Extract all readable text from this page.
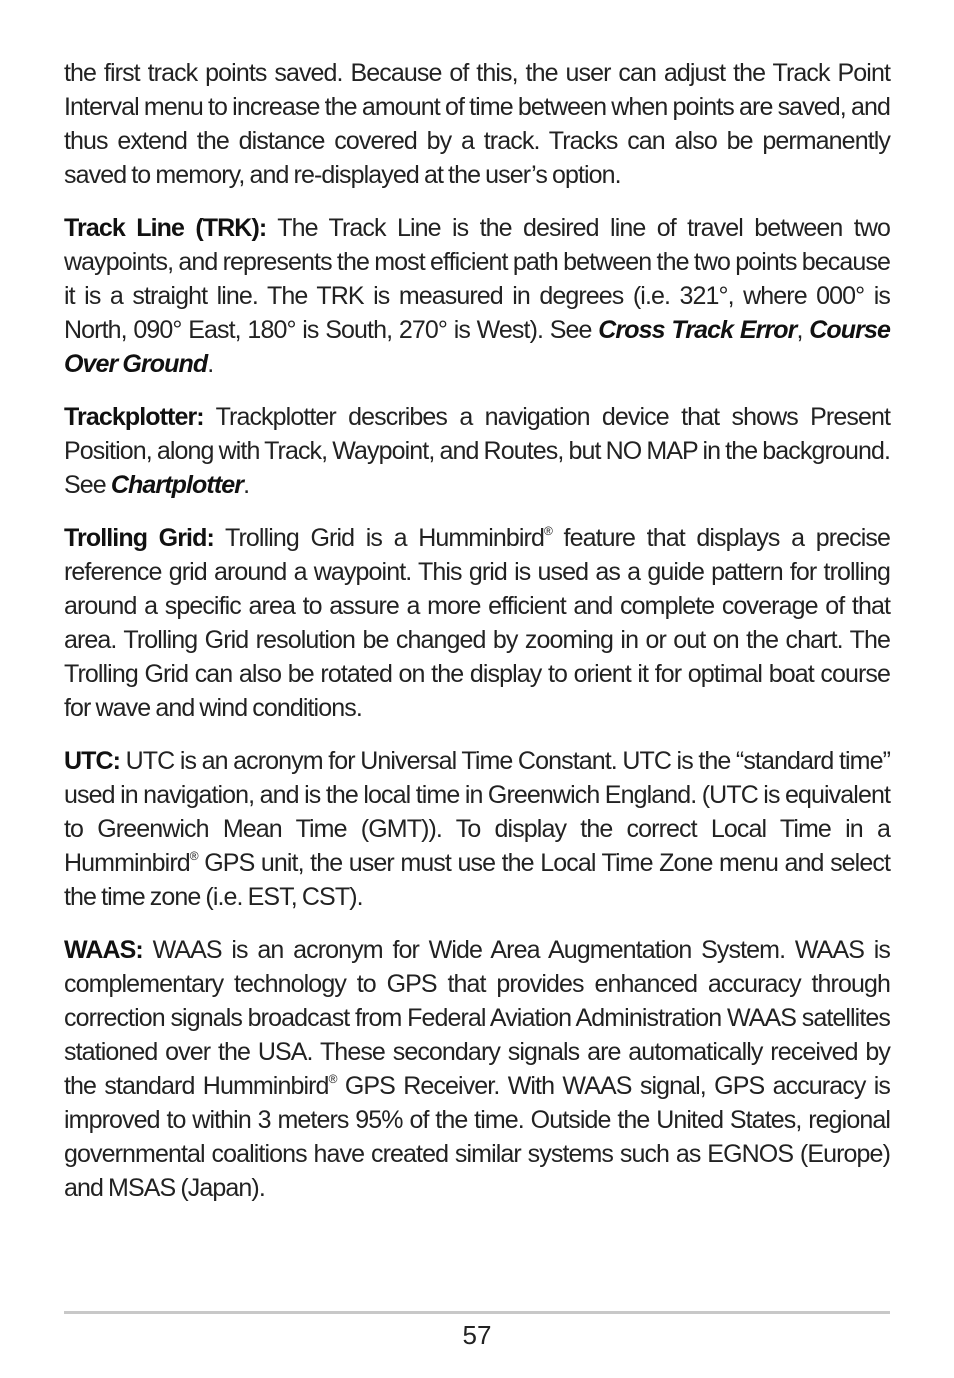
the first track points saved. Because of this, the user can adjust the Track Point Interval menu to increase the amount of time between when points are saved, and thus extend the distance covered by a track. Tracks can also be permanently saved to memory, and re-displayed at the user’s option.

Track Line (TRK): The Track Line is the desired line of travel between two waypoints, and represents the most efficient path between the two points because it is a straight line. The TRK is measured in degrees (i.e. 321°, where 000° is North, 090° East, 180° is South, 270° is West). See Cross Track Error, Course Over Ground.

Trackplotter: Trackplotter describes a navigation device that shows Present Position, along with Track, Waypoint, and Routes, but NO MAP in the background. See Chartplotter.

Trolling Grid: Trolling Grid is a Humminbird® feature that displays a precise reference grid around a waypoint. This grid is used as a guide pattern for trolling around a specific area to assure a more efficient and complete coverage of that area. Trolling Grid resolution be changed by zooming in or out on the chart. The Trolling Grid can also be rotated on the display to orient it for optimal boat course for wave and wind conditions.

UTC: UTC is an acronym for Universal Time Constant. UTC is the “standard time” used in navigation, and is the local time in Greenwich England. (UTC is equivalent to Greenwich Mean Time (GMT)). To display the correct Local Time in a Humminbird® GPS unit, the user must use the Local Time Zone menu and select the time zone (i.e. EST, CST).

WAAS: WAAS is an acronym for Wide Area Augmentation System. WAAS is complementary technology to GPS that provides enhanced accuracy through correction signals broadcast from Federal Aviation Administration WAAS satellites stationed over the USA. These secondary signals are automatically received by the standard Humminbird® GPS Receiver. With WAAS signal, GPS accuracy is improved to within 3 meters 95% of the time. Outside the United States, regional governmental coalitions have created similar systems such as EGNOS (Europe) and MSAS (Japan).

57
